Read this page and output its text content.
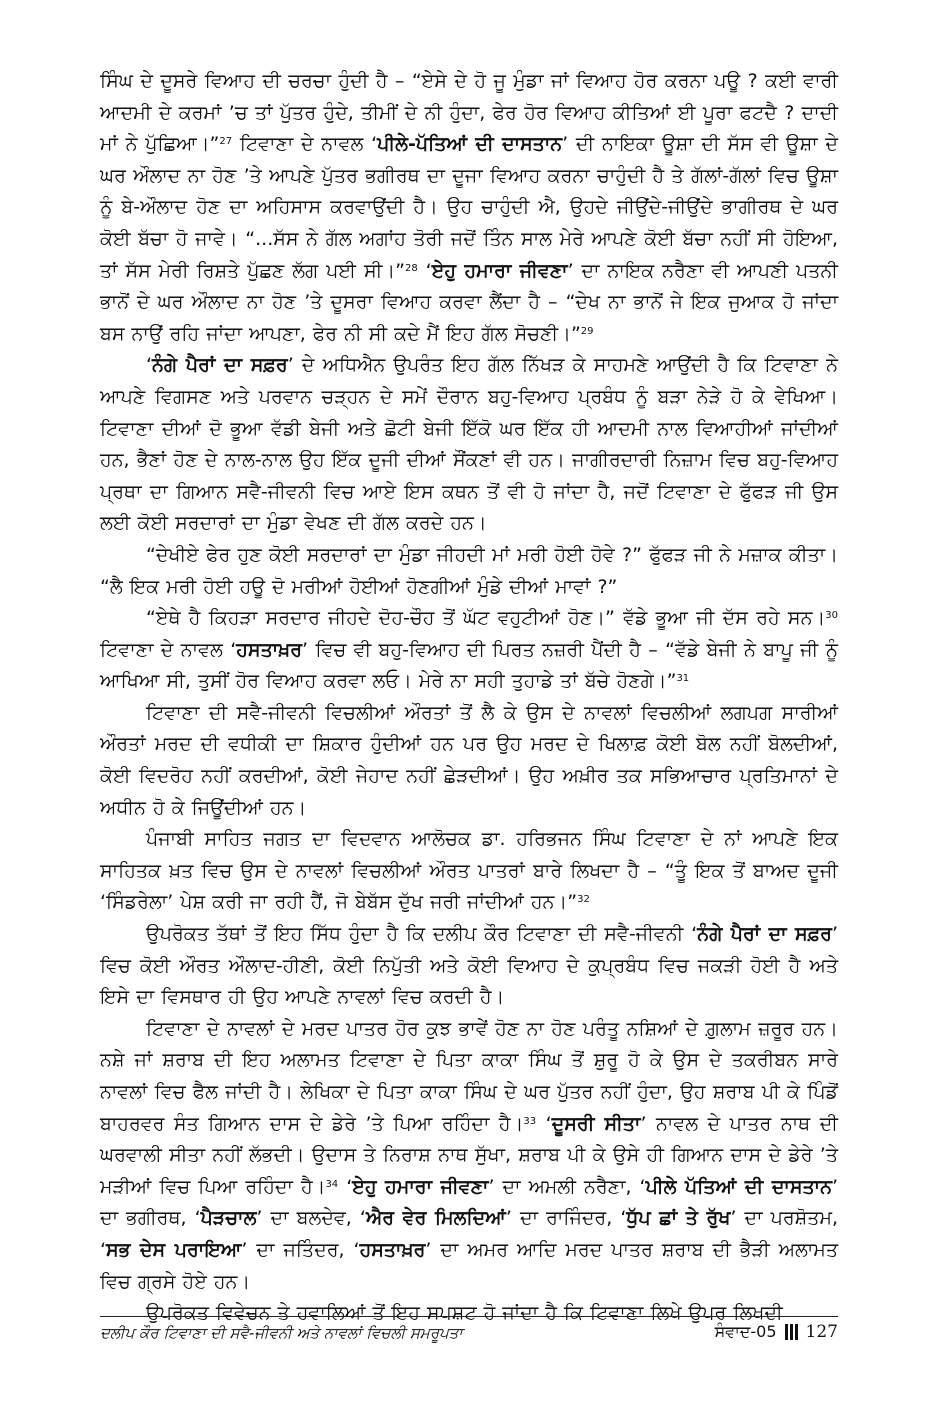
ਸਿੰਘ ਦੇ ਦੂਸਰੇ ਵਿਆਹ ਦੀ ਚਰਚਾ ਹੁੰਦੀ ਹੈ – “ਏਸੇ ਦੇ ਹੋ ਜੂ ਮੁੰਡਾ ਜਾਂ ਵਿਆਹ ਹੋਰ ਕਰਨਾ ਪਊ ? ਕਈ ਵਾਰੀ ਆਦਮੀ ਦੇ ਕਰਮਾਂ ’ਚ ਤਾਂ ਪੁੱਤਰ ਹੁੰਦੇ, ਤੀਮੀਂ ਦੇ ਨੀ ਹੁੰਦਾ, ਫੇਰ ਹੋਰ ਵਿਆਹ ਕੀਤਿਆਂ ਈ ਪੂਰਾ ਫਟਦੈ ? ਦਾਦੀ ਮਾਂ ਨੇ ਪੁੱਛਿਆ।”$^{27}$ ਟਿਵਾਣਾ ਦੇ ਨਾਵਲ ‘ਪੀਲੇ-ਪੱਤਿਆਂ ਦੀ ਦਾਸਤਾਨ’ ਦੀ ਨਾਇਕਾ ਊਸ਼ਾ ਦੀ ਸੱਸ ਵੀ ਊਸ਼ਾ ਦੇ ਘਰ ਔਲਾਦ ਨਾ ਹੋਣ ’ਤੇ ਆਪਣੇ ਪੁੱਤਰ ਭਗੀਰਥ ਦਾ ਦੂਜਾ ਵਿਆਹ ਕਰਨਾ ਚਾਹੁੰਦੀ ਹੈ ਤੇ ਗੱਲਾਂ-ਗੱਲਾਂ ਵਿਚ ਊਸ਼ਾ ਨੂੰ ਬੇ-ਔਲਾਦ ਹੋਣ ਦਾ ਅਹਿਸਾਸ ਕਰਵਾਉਂਦੀ ਹੈ। ਉਹ ਚਾਹੁੰਦੀ ਐ, ਉਹਦੇ ਜੀਉਂਦੇ-ਜੀਉਂਦੇ ਭਾਗੀਰਥ ਦੇ ਘਰ ਕੋਈ ਬੱਚਾ ਹੋ ਜਾਵੇ। “...ਸੱਸ ਨੇ ਗੱਲ ਅਗਾਂਹ ਤੋਰੀ ਜਦੋਂ ਤਿੰਨ ਸਾਲ ਮੇਰੇ ਆਪਣੇ ਕੋਈ ਬੱਚਾ ਨਹੀਂ ਸੀ ਹੋਇਆ, ਤਾਂ ਸੱਸ ਮੇਰੀ ਰਿਸ਼ਤੇ ਪੁੱਛਣ ਲੱਗ ਪਈ ਸੀ।”$^{28}$ ‘ਏਹੁ ਹਮਾਰਾ ਜੀਵਣਾ’ ਦਾ ਨਾਇਕ ਨਰੈਣਾ ਵੀ ਆਪਣੀ ਪਤਨੀ ਭਾਨੋਂ ਦੇ ਘਰ ਔਲਾਦ ਨਾ ਹੋਣ ’ਤੇ ਦੂਸਰਾ ਵਿਆਹ ਕਰਵਾ ਲੈਂਦਾ ਹੈ – “ਦੇਖ ਨਾ ਭਾਨੋਂ ਜੇ ਇਕ ਜੁਆਕ ਹੋ ਜਾਂਦਾ ਬਸ ਨਾਉਂ ਰਹਿ ਜਾਂਦਾ ਆਪਣਾ, ਫੇਰ ਨੀ ਸੀ ਕਦੇ ਮੈਂ ਇਹ ਗੱਲ ਸੋਚਣੀ।”$^{29}$

‘ਨੰਗੇ ਪੈਰਾਂ ਦਾ ਸਫ਼ਰ’ ਦੇ ਅਧਿਐਨ ਉਪਰੰਤ ਇਹ ਗੱਲ ਨਿੱਖੜ ਕੇ ਸਾਹਮਣੇ ਆਉਂਦੀ ਹੈ ਕਿ ਟਿਵਾਣਾ ਨੇ ਆਪਣੇ ਵਿਗਸਣ ਅਤੇ ਪਰਵਾਨ ਚੜ੍ਹਨ ਦੇ ਸਮੇਂ ਦੌਰਾਨ ਬਹੁ-ਵਿਆਹ ਪ੍ਰਬੰਧ ਨੂੰ ਬੜਾ ਨੇੜੇ ਹੋ ਕੇ ਵੇਖਿਆ। ਟਿਵਾਣਾ ਦੀਆਂ ਦੋ ਭੂਆ ਵੱਡੀ ਬੇਜੀ ਅਤੇ ਛੋਟੀ ਬੇਜੀ ਇੱਕੋ ਘਰ ਇੱਕ ਹੀ ਆਦਮੀ ਨਾਲ ਵਿਆਹੀਆਂ ਜਾਂਦੀਆਂ ਹਨ, ਭੈਣਾਂ ਹੋਣ ਦੇ ਨਾਲ-ਨਾਲ ਉਹ ਇੱਕ ਦੂਜੀ ਦੀਆਂ ਸੌਂਕਣਾਂ ਵੀ ਹਨ। ਜਾਗੀਰਦਾਰੀ ਨਿਜ਼ਾਮ ਵਿਚ ਬਹੁ-ਵਿਆਹ ਪ੍ਰਥਾ ਦਾ ਗਿਆਨ ਸਵੈ-ਜੀਵਨੀ ਵਿਚ ਆਏ ਇਸ ਕਥਨ ਤੋਂ ਵੀ ਹੋ ਜਾਂਦਾ ਹੈ, ਜਦੋਂ ਟਿਵਾਣਾ ਦੇ ਫੁੱਫੜ ਜੀ ਉਸ ਲਈ ਕੋਈ ਸਰਦਾਰਾਂ ਦਾ ਮੁੰਡਾ ਵੇਖਣ ਦੀ ਗੱਲ ਕਰਦੇ ਹਨ।

“ਦੇਖੀਏ ਫੇਰ ਹੁਣ ਕੋਈ ਸਰਦਾਰਾਂ ਦਾ ਮੁੰਡਾ ਜੀਹਦੀ ਮਾਂ ਮਰੀ ਹੋਈ ਹੋਵੇ ?” ਫੁੱਫੜ ਜੀ ਨੇ ਮਜ਼ਾਕ ਕੀਤਾ। “ਲੈ ਇਕ ਮਰੀ ਹੋਈ ਹਊ ਦੋ ਮਰੀਆਂ ਹੋਈਆਂ ਹੋਣਗੀਆਂ ਮੁੰਡੇ ਦੀਆਂ ਮਾਵਾਂ ?”

“ਏਥੇ ਹੈ ਕਿਹੜਾ ਸਰਦਾਰ ਜੀਹਦੇ ਦੋਹ-ਚੌਹ ਤੋਂ ਘੱਟ ਵਹੁਟੀਆਂ ਹੋਣ।” ਵੱਡੇ ਭੂਆ ਜੀ ਦੱਸ ਰਹੇ ਸਨ।$^{30}$ ਟਿਵਾਣਾ ਦੇ ਨਾਵਲ ‘ਹਸਤਾਖ਼ਰ’ ਵਿਚ ਵੀ ਬਹੁ-ਵਿਆਹ ਦੀ ਪਿਰਤ ਨਜ਼ਰੀ ਪੈਂਦੀ ਹੈ – “ਵੱਡੇ ਬੇਜੀ ਨੇ ਬਾਪੂ ਜੀ ਨੂੰ ਆਖਿਆ ਸੀ, ਤੁਸੀਂ ਹੋਰ ਵਿਆਹ ਕਰਵਾ ਲਓ। ਮੇਰੇ ਨਾ ਸਹੀ ਤੁਹਾਡੇ ਤਾਂ ਬੱਚੇ ਹੋਣਗੇ।”$^{31}$

ਟਿਵਾਣਾ ਦੀ ਸਵੈ-ਜੀਵਨੀ ਵਿਚਲੀਆਂ ਔਰਤਾਂ ਤੋਂ ਲੈ ਕੇ ਉਸ ਦੇ ਨਾਵਲਾਂ ਵਿਚਲੀਆਂ ਲਗਪਗ ਸਾਰੀਆਂ ਔਰਤਾਂ ਮਰਦ ਦੀ ਵਧੀਕੀ ਦਾ ਸ਼ਿਕਾਰ ਹੁੰਦੀਆਂ ਹਨ ਪਰ ਉਹ ਮਰਦ ਦੇ ਖਿਲਾਫ਼ ਕੋਈ ਬੋਲ ਨਹੀਂ ਬੋਲਦੀਆਂ, ਕੋਈ ਵਿਦਰੋਹ ਨਹੀਂ ਕਰਦੀਆਂ, ਕੋਈ ਜੇਹਾਦ ਨਹੀਂ ਛੇੜਦੀਆਂ। ਉਹ ਅਖ਼ੀਰ ਤਕ ਸਭਿਆਚਾਰ ਪ੍ਰਤਿਮਾਨਾਂ ਦੇ ਅਧੀਨ ਹੋ ਕੇ ਜਿਊਂਦੀਆਂ ਹਨ।

ਪੰਜਾਬੀ ਸਾਹਿਤ ਜਗਤ ਦਾ ਵਿਦਵਾਨ ਆਲੋਚਕ ਡਾ. ਹਰਿਭਜਨ ਸਿੰਘ ਟਿਵਾਣਾ ਦੇ ਨਾਂ ਆਪਣੇ ਇਕ ਸਾਹਿਤਕ ਖ਼ਤ ਵਿਚ ਉਸ ਦੇ ਨਾਵਲਾਂ ਵਿਚਲੀਆਂ ਔਰਤ ਪਾਤਰਾਂ ਬਾਰੇ ਲਿਖਦਾ ਹੈ – “ਤੂੰ ਇਕ ਤੋਂ ਬਾਅਦ ਦੂਜੀ ‘ਸਿੰਡਰੇਲਾ’ ਪੇਸ਼ ਕਰੀ ਜਾ ਰਹੀ ਹੈਂ, ਜੋ ਬੇਬੱਸ ਦੁੱਖ ਜਰੀ ਜਾਂਦੀਆਂ ਹਨ।”$^{32}$

ਉਪਰੋਕਤ ਤੱਥਾਂ ਤੋਂ ਇਹ ਸਿੱਧ ਹੁੰਦਾ ਹੈ ਕਿ ਦਲੀਪ ਕੌਰ ਟਿਵਾਣਾ ਦੀ ਸਵੈ-ਜੀਵਨੀ ‘ਨੰਗੇ ਪੈਰਾਂ ਦਾ ਸਫ਼ਰ’ ਵਿਚ ਕੋਈ ਔਰਤ ਔਲਾਦ-ਹੀਣੀ, ਕੋਈ ਨਿਪੁੱਤੀ ਅਤੇ ਕੋਈ ਵਿਆਹ ਦੇ ਕੁਪ੍ਰਬੰਧ ਵਿਚ ਜਕੜੀ ਹੋਈ ਹੈ ਅਤੇ ਇਸੇ ਦਾ ਵਿਸਥਾਰ ਹੀ ਉਹ ਆਪਣੇ ਨਾਵਲਾਂ ਵਿਚ ਕਰਦੀ ਹੈ।

ਟਿਵਾਣਾ ਦੇ ਨਾਵਲਾਂ ਦੇ ਮਰਦ ਪਾਤਰ ਹੋਰ ਕੁਝ ਭਾਵੇਂ ਹੋਣ ਨਾ ਹੋਣ ਪਰੰਤੂ ਨਸ਼ਿਆਂ ਦੇ ਗ਼ੁਲਾਮ ਜ਼ਰੂਰ ਹਨ। ਨਸ਼ੇ ਜਾਂ ਸ਼ਰਾਬ ਦੀ ਇਹ ਅਲਾਮਤ ਟਿਵਾਣਾ ਦੇ ਪਿਤਾ ਕਾਕਾ ਸਿੰਘ ਤੋਂ ਸ਼ੁਰੂ ਹੋ ਕੇ ਉਸ ਦੇ ਤਕਰੀਬਨ ਸਾਰੇ ਨਾਵਲਾਂ ਵਿਚ ਫੈਲ ਜਾਂਦੀ ਹੈ। ਲੇਖਿਕਾ ਦੇ ਪਿਤਾ ਕਾਕਾ ਸਿੰਘ ਦੇ ਘਰ ਪੁੱਤਰ ਨਹੀਂ ਹੁੰਦਾ, ਉਹ ਸ਼ਰਾਬ ਪੀ ਕੇ ਪਿੰਡੋਂ ਬਾਹਰਵਰ ਸੰਤ ਗਿਆਨ ਦਾਸ ਦੇ ਡੇਰੇ ’ਤੇ ਪਿਆ ਰਹਿੰਦਾ ਹੈ।$^{33}$ ‘ਦੂਸਰੀ ਸੀਤਾ’ ਨਾਵਲ ਦੇ ਪਾਤਰ ਨਾਥ ਦੀ ਘਰਵਾਲੀ ਸੀਤਾ ਨਹੀਂ ਲੱਭਦੀ। ਉਦਾਸ ਤੇ ਨਿਰਾਸ਼ ਨਾਥ ਸੁੱਖਾ, ਸ਼ਰਾਬ ਪੀ ਕੇ ਉਸੇ ਹੀ ਗਿਆਨ ਦਾਸ ਦੇ ਡੇਰੇ ’ਤੇ ਮੜੀਆਂ ਵਿਚ ਪਿਆ ਰਹਿੰਦਾ ਹੈ।$^{34}$ ‘ਏਹੁ ਹਮਾਰਾ ਜੀਵਣਾ’ ਦਾ ਅਮਲੀ ਨਰੈਣਾ, ‘ਪੀਲੇ ਪੱਤਿਆਂ ਦੀ ਦਾਸਤਾਨ’ ਦਾ ਭਗੀਰਥ, ‘ਪੈੜਚਾਲ’ ਦਾ ਬਲਦੇਵ, ‘ਐਰ ਵੇਰ ਮਿਲਦਿਆਂ’ ਦਾ ਰਾਜਿੰਦਰ, ‘ਧੁੱਪ ਛਾਂ ਤੇ ਰੁੱਖ’ ਦਾ ਪਰਸ਼ੋਤਮ, ‘ਸਭ ਦੇਸ ਪਰਾਇਆ’ ਦਾ ਜਤਿੰਦਰ, ‘ਹਸਤਾਖ਼ਰ’ ਦਾ ਅਮਰ ਆਦਿ ਮਰਦ ਪਾਤਰ ਸ਼ਰਾਬ ਦੀ ਭੈੜੀ ਅਲਾਮਤ ਵਿਚ ਗ੍ਰਸੇ ਹੋਏ ਹਨ।

ਉਪਰੋਕਤ ਵਿਵੇਚਨ ਤੇ ਹਵਾਲਿਆਂ ਤੋਂ ਇਹ ਸਪਸ਼ਟ ਹੋ ਜਾਂਦਾ ਹੈ ਕਿ ਟਿਵਾਣਾ ਲਿਖੇ ਉਪਰ ਲਿਖਦੀ

ਦਲੀਪ ਕੌਰ ਟਿਵਾਣਾ ਦੀ ਸਵੈ-ਜੀਵਨੀ ਅਤੇ ਨਾਵਲਾਂ ਵਿਚਲੀ ਸਮਰੂਪਤਾ	ਸੰਵਾਦ-05 127
